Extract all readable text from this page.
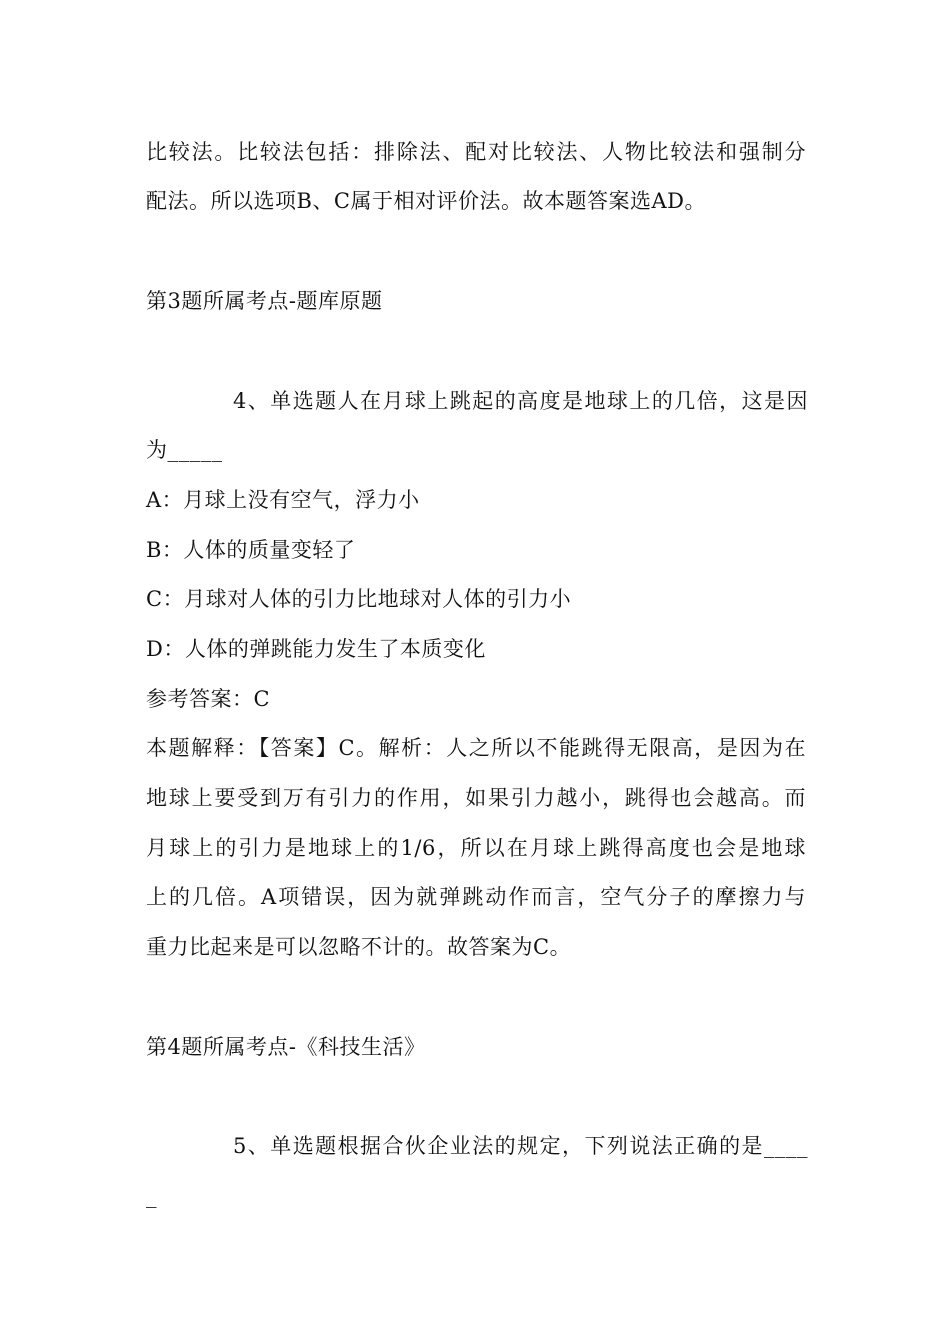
比较法。比较法包括：排除法、配对比较法、人物比较法和强制分
配法。所以选项B、C属于相对评价法。故本题答案选AD。
第3题所属考点-题库原题
4、单选题人在月球上跳起的高度是地球上的几倍，这是因
为_____
A：月球上没有空气，浮力小
B：人体的质量变轻了
C：月球对人体的引力比地球对人体的引力小
D：人体的弹跳能力发生了本质变化
参考答案：C
本题解释：【答案】C。解析：人之所以不能跳得无限高，是因为在
地球上要受到万有引力的作用，如果引力越小，跳得也会越高。而
月球上的引力是地球上的1/6，所以在月球上跳得高度也会是地球
上的几倍。A项错误，因为就弹跳动作而言，空气分子的摩擦力与
重力比起来是可以忽略不计的。故答案为C。
第4题所属考点-《科技生活》
5、单选题根据合伙企业法的规定，下列说法正确的是____
_
